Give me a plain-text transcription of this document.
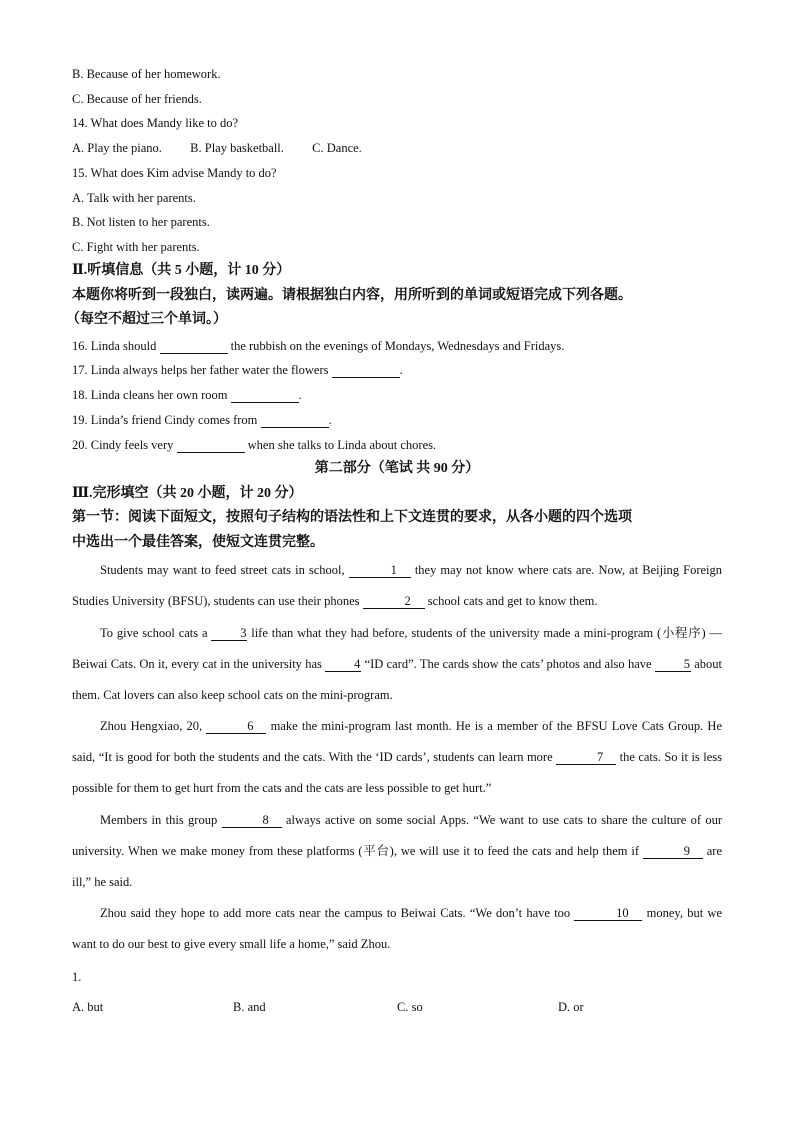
B. Because of her homework.
C. Because of her friends.
14. What does Mandy like to do?
A. Play the piano. B. Play basketball. C. Dance.
15. What does Kim advise Mandy to do?
A. Talk with her parents.
B. Not listen to her parents.
C. Fight with her parents.
Ⅱ.听填信息（共 5 小题，计 10 分）
本题你将听到一段独白，读两遍。请根据独白内容，用所听到的单词或短语完成下列各题。
（每空不超过三个单词。）
16. Linda should	the rubbish on the evenings of Mondays, Wednesdays and Fridays.
17. Linda always helps her father water the flowers	.
18. Linda cleans her own room	.
19. Linda’s friend Cindy comes from	.
20. Cindy feels very	when she talks to Linda about chores.
第二部分（笔试 共 90 分）
Ⅲ.完形填空（共 20 小题，计 20 分）
第一节：阅读下面短文，按照句子结构的语法性和上下文连贯的要求，从各小题的四个选项
中选出一个最佳答案，使短文连贯完整。
Students may want to feed street cats in school,	1 they may not know where cats are. Now, at Beijing Foreign Studies University (BFSU), students can use their phones	2 school cats and get to know them.
To give school cats a	3 life than what they had before, students of the university made a mini-program (小程序) — Beiwai Cats. On it, every cat in the university has	4 “ID card”. The cards show the cats’ photos and also have	5 about them. Cat lovers can also keep school cats on the mini-program.
Zhou Hengxiao, 20,	6 make the mini-program last month. He is a member of the BFSU Love Cats Group. He said, “It is good for both the students and the cats. With the ‘ID cards’, students can learn more	7 the cats. So it is less possible for them to get hurt from the cats and the cats are less possible to get hurt.”
Members in this group	8 always active on some social Apps. “We want to use cats to share the culture of our university. When we make money from these platforms (平台), we will use it to feed the cats and help them if	9 are ill,” he said.
Zhou said they hope to add more cats near the campus to Beiwai Cats. “We don’t have too	10 money, but we want to do our best to give every small life a home,” said Zhou.
1.
A. but	B. and	C. so	D. or
